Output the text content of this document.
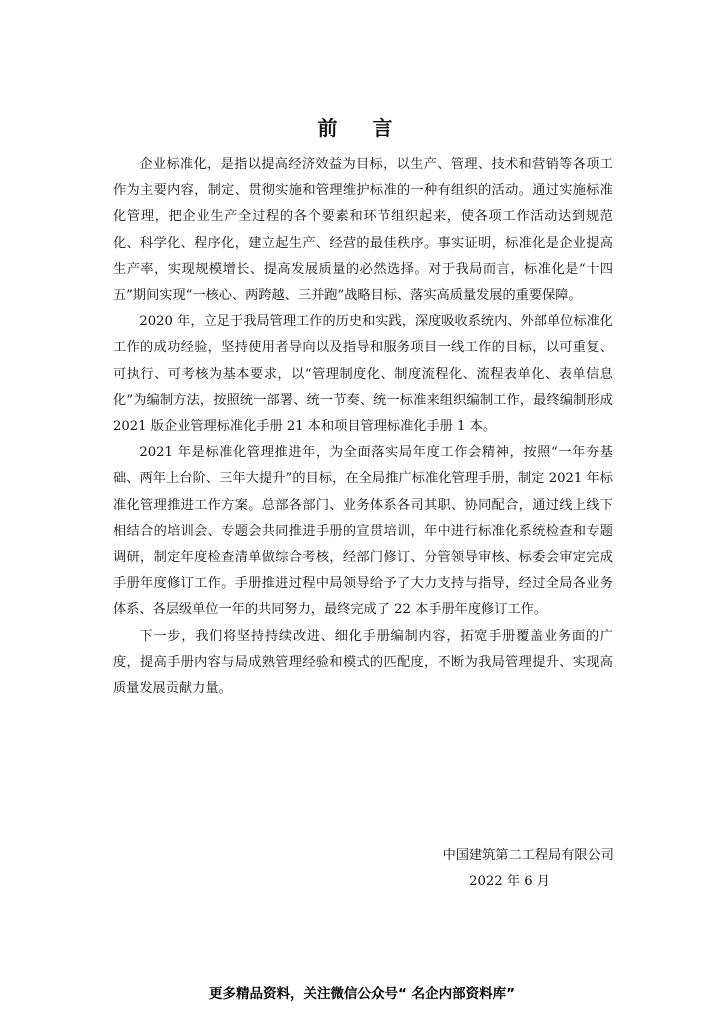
前 言

企业标准化，是指以提高经济效益为目标，以生产、管理、技术和营销等各项工作为主要内容，制定、贯彻实施和管理维护标准的一种有组织的活动。通过实施标准化管理，把企业生产全过程的各个要素和环节组织起来，使各项工作活动达到规范化、科学化、程序化，建立起生产、经营的最佳秩序。事实证明，标准化是企业提高生产率，实现规模增长、提高发展质量的必然选择。对于我局而言，标准化是“十四五”期间实现“一核心、两跨越、三并跑”战略目标、落实高质量发展的重要保障。

2020 年，立足于我局管理工作的历史和实践，深度吸收系统内、外部单位标准化工作的成功经验，坚持使用者导向以及指导和服务项目一线工作的目标，以可重复、可执行、可考核为基本要求，以“管理制度化、制度流程化、流程表单化、表单信息化”为编制方法，按照统一部署、统一节奏、统一标准来组织编制工作，最终编制形成 2021 版企业管理标准化手册 21 本和项目管理标准化手册 1 本。

2021 年是标准化管理推进年，为全面落实局年度工作会精神，按照“一年夯基础、两年上台阶、三年大提升”的目标，在全局推广标准化管理手册，制定 2021 年标准化管理推进工作方案。总部各部门、业务体系各司其职、协同配合，通过线上线下相结合的培训会、专题会共同推进手册的宣贯培训，年中进行标准化系统检查和专题调研，制定年度检查清单做综合考核，经部门修订、分管领导审核、标委会审定完成手册年度修订工作。手册推进过程中局领导给予了大力支持与指导，经过全局各业务体系、各层级单位一年的共同努力，最终完成了 22 本手册年度修订工作。

下一步，我们将坚持持续改进、细化手册编制内容，拓宽手册覆盖业务面的广度，提高手册内容与局成熟管理经验和模式的匹配度，不断为我局管理提升、实现高质量发展贡献力量。

中国建筑第二工程局有限公司
2022 年 6 月
更多精品资料，关注微信公众号“ 名企内部资料库”
